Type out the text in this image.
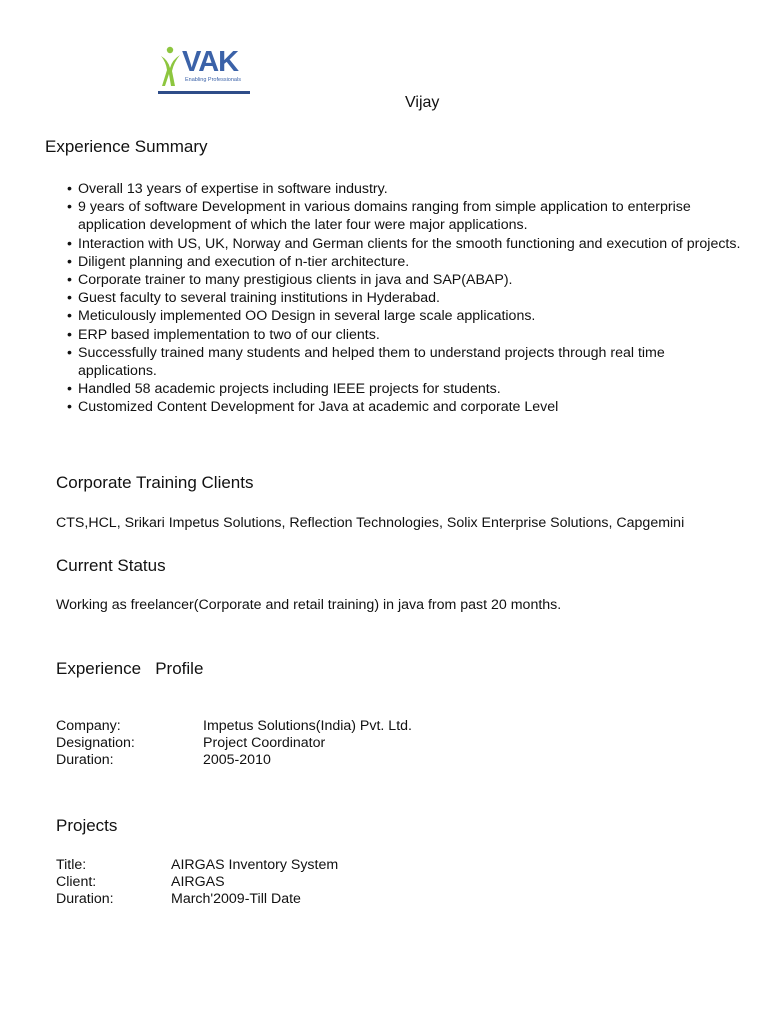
VAK
Enabling Professionals
Vijay
Experience Summary
• Overall 13 years of expertise in software industry.
• 9 years of software Development in various domains ranging from simple application to enterprise application development of which the later four were major applications.
• Interaction with US, UK, Norway and German clients for the smooth functioning and execution of projects.
• Diligent planning and execution of n-tier architecture.
• Corporate trainer to many prestigious clients in java and SAP(ABAP).
• Guest faculty to several training institutions in Hyderabad.
• Meticulously implemented OO Design in several large scale applications.
• ERP based implementation to two of our clients.
• Successfully trained many students and helped them to understand projects through real time applications.
• Handled 58 academic projects including IEEE projects for students.
• Customized Content Development for Java at academic and corporate Level
Corporate Training Clients
CTS,HCL, Srikari Impetus Solutions, Reflection Technologies, Solix Enterprise Solutions, Capgemini
Current Status
Working as freelancer(Corporate and retail training) in java from past 20 months.
Experience   Profile
Company:	Impetus Solutions(India) Pvt. Ltd.
Designation:	Project Coordinator
Duration:	2005-2010
Projects
Title:	AIRGAS Inventory System
Client:	AIRGAS
Duration:	March'2009-Till Date
